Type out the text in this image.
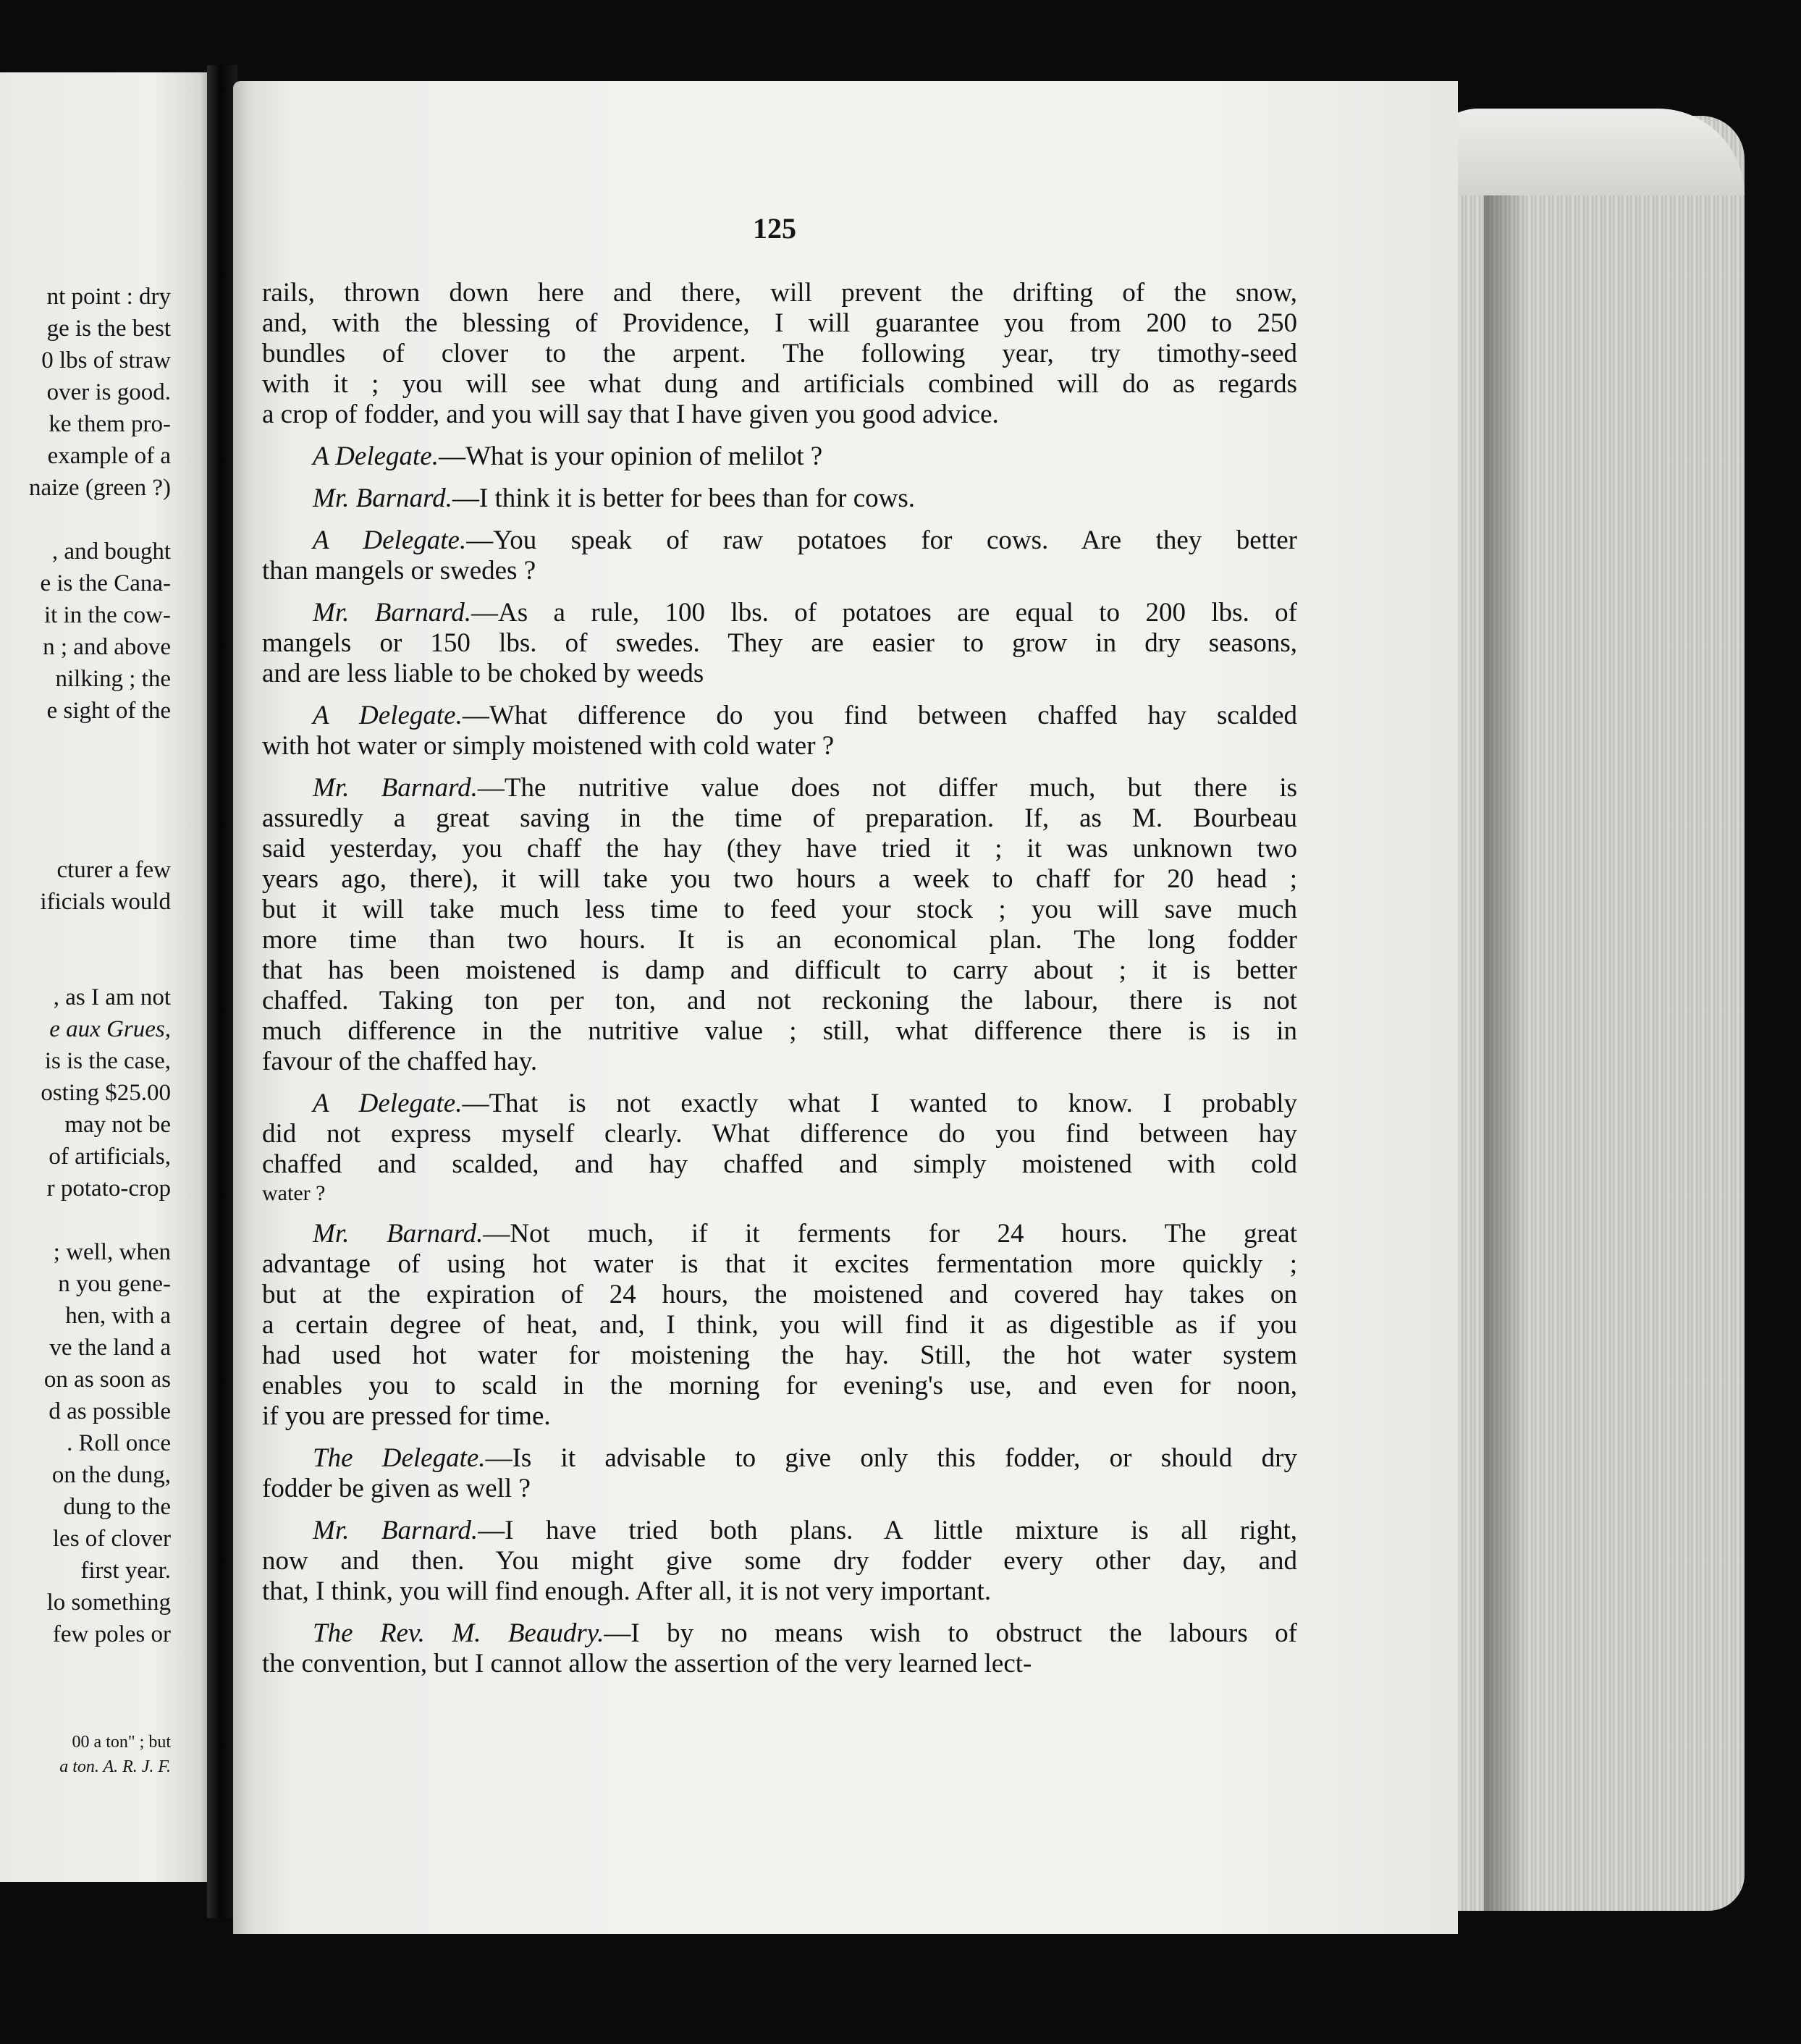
nt point : dry
ge is the best
0 lbs of straw
over is good.
ke them pro-
example of a
naize (green ?)
, and bought
e is the Cana-
it in the cow-
n ; and above
nilking ; the
e sight of the
cturer a few
ificials would
, as I am not
e aux Grues,
is is the case,
osting $25.00
may not be
of artificials,
r potato-crop
; well, when
n you gene-
hen, with a
ve the land a
on as soon as
d as possible
. Roll once
on the dung,
dung to the
les of clover
first year.
lo something
few poles or
00 a ton" ; but
a ton. A. R. J. F.
125
rails, thrown down here and there, will prevent the drifting of the snow,
and, with the blessing of Providence, I will guarantee you from 200 to 250
bundles of clover to the arpent. The following year, try timothy-seed
with it ; you will see what dung and artificials combined will do as regards
a crop of fodder, and you will say that I have given you good advice.
A Delegate.—What is your opinion of melilot ?
Mr. Barnard.—I think it is better for bees than for cows.
A Delegate.—You speak of raw potatoes for cows. Are they better
than mangels or swedes ?
Mr. Barnard.—As a rule, 100 lbs. of potatoes are equal to 200 lbs. of
mangels or 150 lbs. of swedes. They are easier to grow in dry seasons,
and are less liable to be choked by weeds
A Delegate.—What difference do you find between chaffed hay scalded
with hot water or simply moistened with cold water ?
Mr. Barnard.—The nutritive value does not differ much, but there is
assuredly a great saving in the time of preparation. If, as M. Bourbeau
said yesterday, you chaff the hay (they have tried it ; it was unknown two
years ago, there), it will take you two hours a week to chaff for 20 head ;
but it will take much less time to feed your stock ; you will save much
more time than two hours. It is an economical plan. The long fodder
that has been moistened is damp and difficult to carry about ; it is better
chaffed. Taking ton per ton, and not reckoning the labour, there is not
much difference in the nutritive value ; still, what difference there is is in
favour of the chaffed hay.
A Delegate.—That is not exactly what I wanted to know. I probably
did not express myself clearly. What difference do you find between hay
chaffed and scalded, and hay chaffed and simply moistened with cold
water ?
Mr. Barnard.—Not much, if it ferments for 24 hours. The great
advantage of using hot water is that it excites fermentation more quickly ;
but at the expiration of 24 hours, the moistened and covered hay takes on
a certain degree of heat, and, I think, you will find it as digestible as if you
had used hot water for moistening the hay. Still, the hot water system
enables you to scald in the morning for evening's use, and even for noon,
if you are pressed for time.
The Delegate.—Is it advisable to give only this fodder, or should dry
fodder be given as well ?
Mr. Barnard.—I have tried both plans. A little mixture is all right,
now and then. You might give some dry fodder every other day, and
that, I think, you will find enough. After all, it is not very important.
The Rev. M. Beaudry.—I by no means wish to obstruct the labours of
the convention, but I cannot allow the assertion of the very learned lect-
